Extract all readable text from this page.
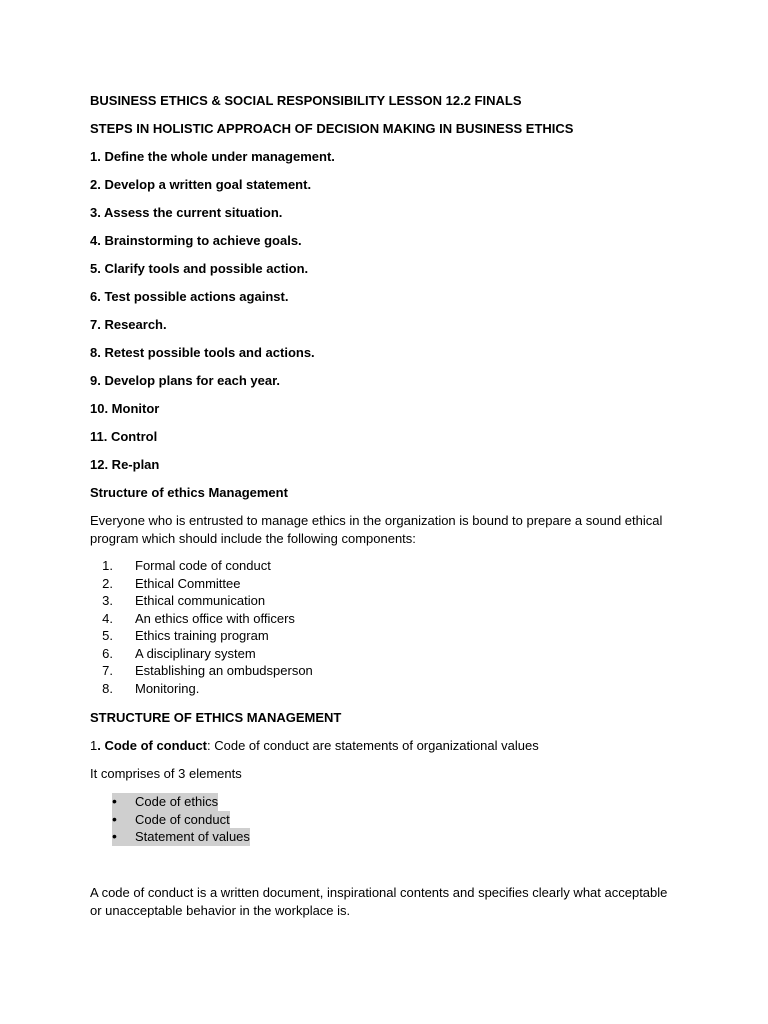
BUSINESS ETHICS & SOCIAL RESPONSIBILITY LESSON 12.2 FINALS
STEPS IN HOLISTIC APPROACH OF DECISION MAKING IN BUSINESS ETHICS
1. Define the whole under management.
2. Develop a written goal statement.
3. Assess the current situation.
4. Brainstorming to achieve goals.
5. Clarify tools and possible action.
6. Test possible actions against.
7. Research.
8. Retest possible tools and actions.
9. Develop plans for each year.
10. Monitor
11. Control
12. Re-plan
Structure of ethics Management
Everyone who is entrusted to manage ethics in the organization is bound to prepare a sound ethical program which should include the following components:
1.	Formal code of conduct
2.	Ethical Committee
3.	Ethical communication
4.	An ethics office with officers
5.	Ethics training program
6.	A disciplinary system
7.	Establishing an ombudsperson
8.	Monitoring.
STRUCTURE OF ETHICS MANAGEMENT
1. Code of conduct: Code of conduct are statements of organizational values
It comprises of 3 elements
•	Code of ethics
•	Code of conduct
•	Statement of values
A code of conduct is a written document, inspirational contents and specifies clearly what acceptable or unacceptable behavior in the workplace is.
